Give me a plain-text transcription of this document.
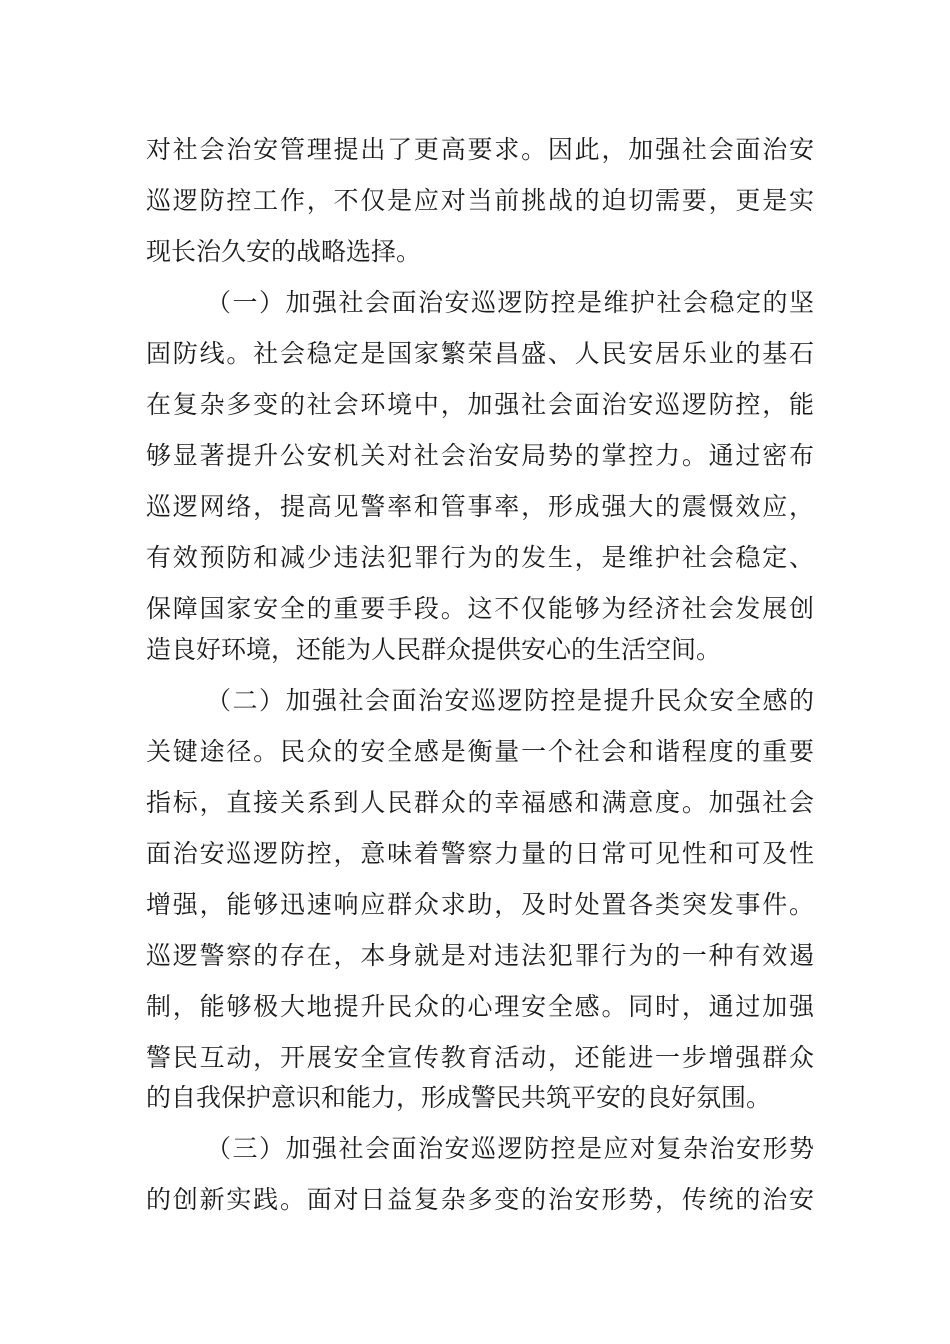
对社会治安管理提出了更高要求。因此，加强社会面治安
巡逻防控工作，不仅是应对当前挑战的迫切需要，更是实
现长治久安的战略选择。
（一）加强社会面治安巡逻防控是维护社会稳定的坚
固防线。社会稳定是国家繁荣昌盛、人民安居乐业的基石
在复杂多变的社会环境中，加强社会面治安巡逻防控，能
够显著提升公安机关对社会治安局势的掌控力。通过密布
巡逻网络，提高见警率和管事率，形成强大的震慑效应，
有效预防和减少违法犯罪行为的发生，是维护社会稳定、
保障国家安全的重要手段。这不仅能够为经济社会发展创
造良好环境，还能为人民群众提供安心的生活空间。
（二）加强社会面治安巡逻防控是提升民众安全感的
关键途径。民众的安全感是衡量一个社会和谐程度的重要
指标，直接关系到人民群众的幸福感和满意度。加强社会
面治安巡逻防控，意味着警察力量的日常可见性和可及性
增强，能够迅速响应群众求助，及时处置各类突发事件。
巡逻警察的存在，本身就是对违法犯罪行为的一种有效遏
制，能够极大地提升民众的心理安全感。同时，通过加强
警民互动，开展安全宣传教育活动，还能进一步增强群众
的自我保护意识和能力，形成警民共筑平安的良好氛围。
（三）加强社会面治安巡逻防控是应对复杂治安形势
的创新实践。面对日益复杂多变的治安形势，传统的治安
